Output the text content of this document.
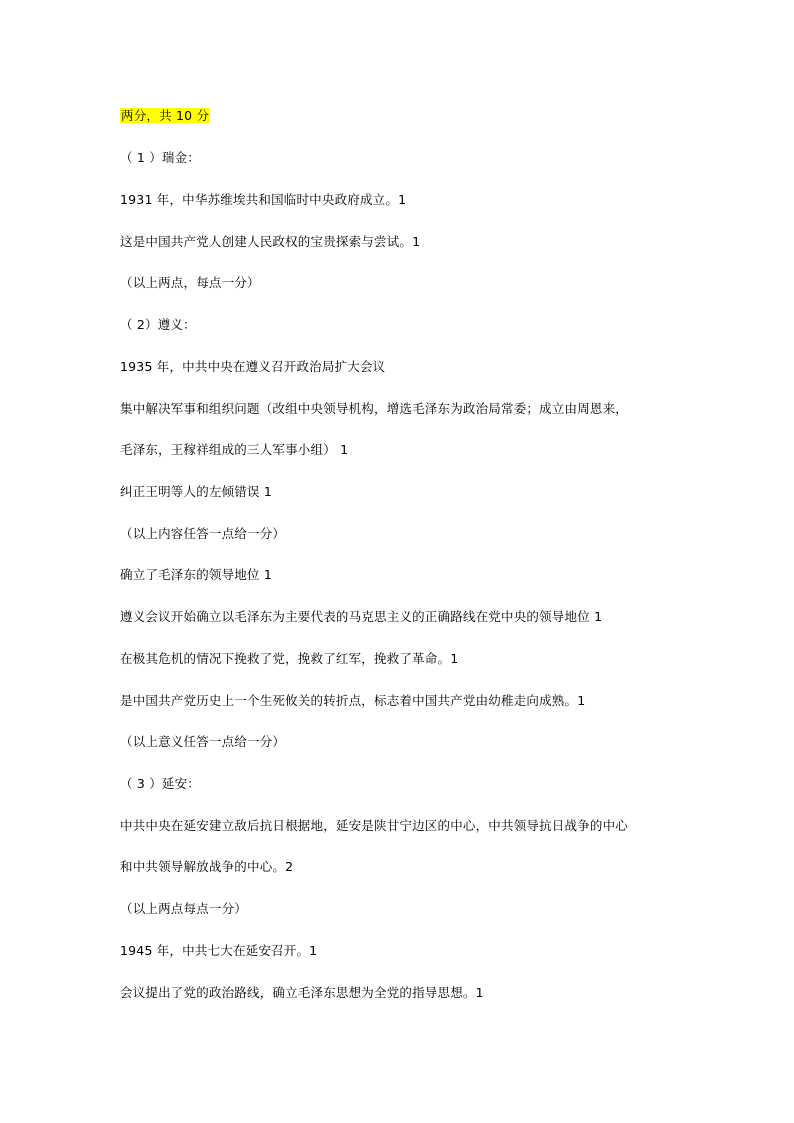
两分，共 10 分
（ 1 ）瑞金：
1931 年，中华苏维埃共和国临时中央政府成立。1
这是中国共产党人创建人民政权的宝贵探索与尝试。1
（以上两点，每点一分）
（ 2）遵义：
1935 年，中共中央在遵义召开政治局扩大会议
集中解决军事和组织问题（改组中央领导机构，增选毛泽东为政治局常委；成立由周恩来，
毛泽东，王稼祥组成的三人军事小组） 1
纠正王明等人的左倾错误 1
（以上内容任答一点给一分）
确立了毛泽东的领导地位 1
遵义会议开始确立以毛泽东为主要代表的马克思主义的正确路线在党中央的领导地位 1
在极其危机的情况下挽救了党，挽救了红军，挽救了革命。1
是中国共产党历史上一个生死攸关的转折点，标志着中国共产党由幼稚走向成熟。1
（以上意义任答一点给一分）
（ 3 ）延安：
中共中央在延安建立敌后抗日根据地，延安是陕甘宁边区的中心，中共领导抗日战争的中心
和中共领导解放战争的中心。2
（以上两点每点一分）
1945 年，中共七大在延安召开。1
会议提出了党的政治路线，确立毛泽东思想为全党的指导思想。1
